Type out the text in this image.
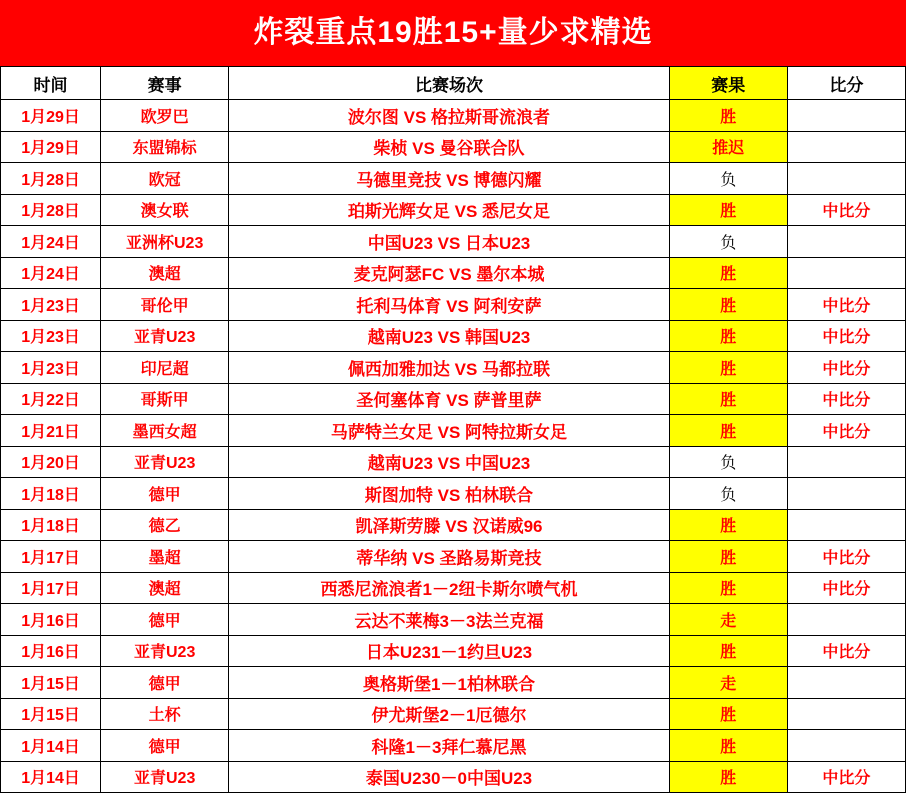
炸裂重点19胜15+量少求精选
时间	赛事	比赛场次	赛果	比分
1月29日	欧罗巴	波尔图 VS 格拉斯哥流浪者	胜	
1月29日	东盟锦标	柴桢 VS 曼谷联合队	推迟	
1月28日	欧冠	马德里竞技 VS 博德闪耀	负	
1月28日	澳女联	珀斯光辉女足 VS 悉尼女足	胜	中比分
1月24日	亚洲杯U23	中国U23 VS 日本U23	负	
1月24日	澳超	麦克阿瑟FC VS 墨尔本城	胜	
1月23日	哥伦甲	托利马体育 VS 阿利安萨	胜	中比分
1月23日	亚青U23	越南U23 VS 韩国U23	胜	中比分
1月23日	印尼超	佩西加雅加达 VS 马都拉联	胜	中比分
1月22日	哥斯甲	圣何塞体育 VS 萨普里萨	胜	中比分
1月21日	墨西女超	马萨特兰女足 VS 阿特拉斯女足	胜	中比分
1月20日	亚青U23	越南U23 VS 中国U23	负	
1月18日	德甲	斯图加特 VS 柏林联合	负	
1月18日	德乙	凯泽斯劳滕 VS 汉诺威96	胜	
1月17日	墨超	蒂华纳 VS 圣路易斯竞技	胜	中比分
1月17日	澳超	西悉尼流浪者1－2纽卡斯尔喷气机	胜	中比分
1月16日	德甲	云达不莱梅3－3法兰克福	走	
1月16日	亚青U23	日本U231－1约旦U23	胜	中比分
1月15日	德甲	奥格斯堡1－1柏林联合	走	
1月15日	土杯	伊尤斯堡2－1厄德尔	胜	
1月14日	德甲	科隆1－3拜仁慕尼黑	胜	
1月14日	亚青U23	泰国U230－0中国U23	胜	中比分
